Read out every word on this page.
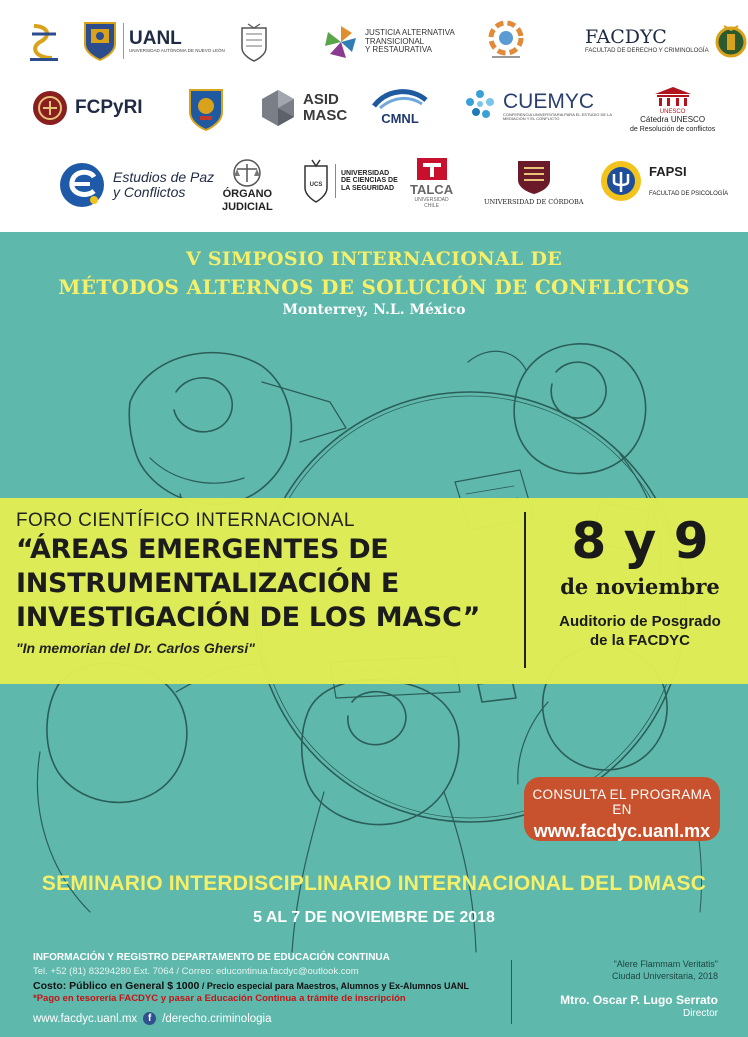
UANL
UNIVERSIDAD AUTÓNOMA DE NUEVO LEÓN
JUSTICIA ALTERNATIVA
TRANSICIONAL
Y RESTAURATIVA
FACDYC
FACULTAD DE DERECHO Y CRIMINOLOGÍA
FCPyRI	ASID
MASC	CMNL
CUEMYC
CONFERENCIA UNIVERSITARIA PARA EL ESTUDIO DE LA MEDIACIÓN Y EL CONFLICTO
UNESCO
Cátedra UNESCO
de Resolución de conflictos
Estudios de Paz
y Conflictos	ÓRGANO
JUDICIAL
UCS
UNIVERSIDAD
DE CIENCIAS DE
LA SEGURIDAD TALCA
UNIVERSIDAD
CHILE	UNIVERSIDAD DE CÓRDOBA
FAPSI
FACULTAD DE PSICOLOGÍA
V SIMPOSIO INTERNACIONAL DE
MÉTODOS ALTERNOS DE SOLUCIÓN DE CONFLICTOS

Monterrey, N.L. México

FORO CIENTÍFICO INTERNACIONAL

“ÁREAS EMERGENTES DE

INSTRUMENTALIZACIÓN E

INVESTIGACIÓN DE LOS MASC”

"In memorian del Dr. Carlos Ghersi"

8 y 9

de noviembre

Auditorio de Posgrado

de la FACDYC

CONSULTA EL PROGRAMA EN
www.facdyc.uanl.mx

SEMINARIO INTERDISCIPLINARIO INTERNACIONAL DEL DMASC

5 AL 7 DE NOVIEMBRE DE 2018

INFORMACIÓN Y REGISTRO DEPARTAMENTO DE EDUCACIÓN CONTINUA

Tel. +52 (81) 83294280 Ext. 7064 / Correo: educontinua.facdyc@outlook.com

Costo: Público en General $ 1000 / Precio especial para Maestros, Alumnos y Ex-Alumnos UANL

*Pago en tesorería FACDYC y pasar a Educación Continua a trámite de inscripción

www.facdyc.uanl.mx	f /derecho.criminologia

"Alere Flammam Veritatis"

Ciudad Universitaria, 2018

Mtro. Oscar P. Lugo Serrato

Director
